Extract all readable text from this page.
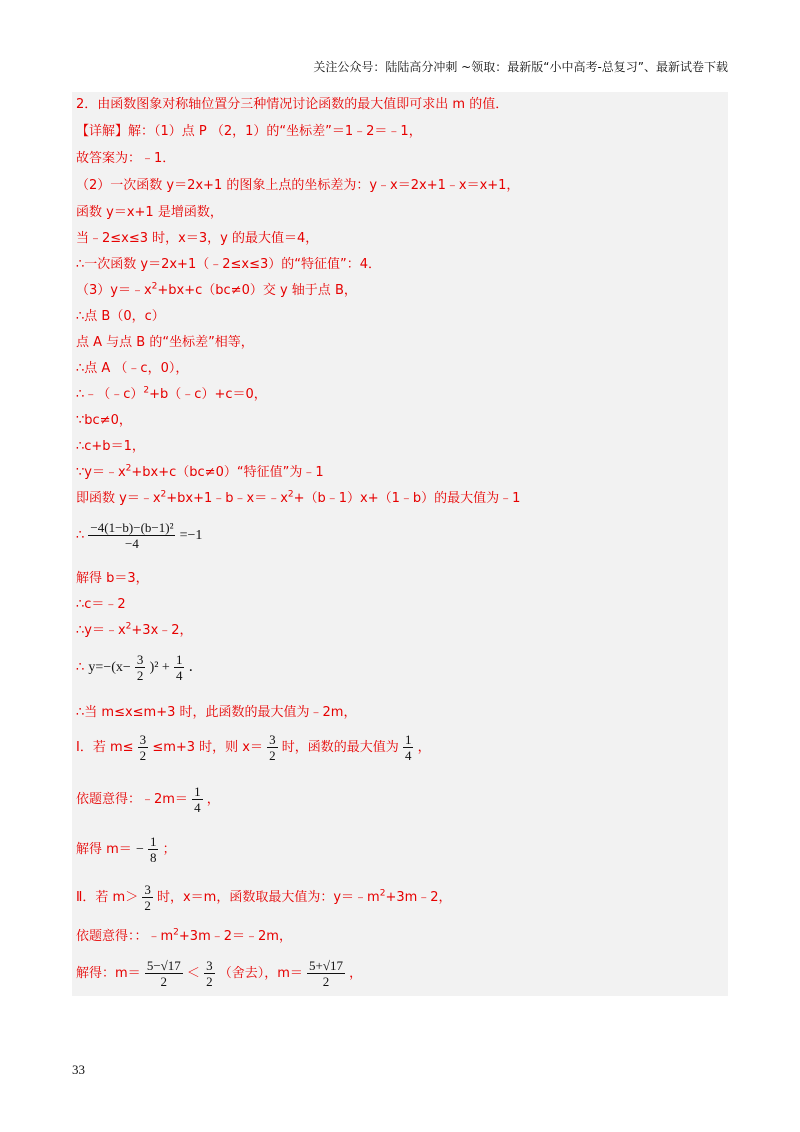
关注公众号：陆陆高分冲刺 ~领取：最新版“小中高考-总复习”、最新试卷下载
2．由函数图象对称轴位置分三种情况讨论函数的最大值即可求出 m 的值．
【详解】解：（1）点 P （2，1）的“坐标差”＝1﹣2＝﹣1，
故答案为：﹣1．
（2）一次函数 y＝2x+1 的图象上点的坐标差为：y﹣x＝2x+1﹣x＝x+1，
函数 y＝x+1 是增函数，
当﹣2≤x≤3 时，x＝3，y 的最大值＝4，
∴一次函数 y＝2x+1（﹣2≤x≤3）的“特征值”：4．
$(3)y=﹣x^2+bx+c(bc\ne 0)$交 y 轴于点 B，
∴点 B（0，c）
点 A 与点 B 的“坐标差”相等，
∴点 A （﹣c，0），
∴﹣（﹣c）$^2$+b（﹣c）+c＝0，
∵bc≠0，
∴c+b＝1，
$\because y=﹣x^2+bx+c(bc\ne 0)“$特征值”为﹣1
即函数 $y=﹣x^2+bx+1﹣b﹣x=﹣x^2+(b﹣1)x+(1﹣b)$的最大值为﹣1
∴ $\frac{\text{−4(1−b)−(b−1)²}}{-4} =-1$
解得 b＝3，
∴c＝﹣2
$\therefore y=﹣x^2+3x﹣2$，
∴ $y=-(x- \frac{3}{2} )^2 + \frac{1}{4}$ ．
∴当 m≤x≤m+3 时，此函数的最大值为﹣2m，
Ⅰ．若 $m\le \frac{3}{2} \le m+3$ 时，则 $x= \frac{3}{2}$ 时，函数的最大值为 $\frac{1}{4}$ ，
依题意得：﹣2m＝ $\frac{1}{4}$ ，
解得 $m= - \frac{1}{8}$ ；
Ⅱ．若 $m> \frac{3}{2}$ 时，x＝m，函数取最大值为：$y=﹣m^2+3m﹣2$，
依题意得：：$﹣m^2+3m﹣2=﹣2m$，
解得：$m= \frac{5-√17}{2} < \frac{3}{2}$ （舍去），$m= \frac{5+√17}{2}$ ，
33
